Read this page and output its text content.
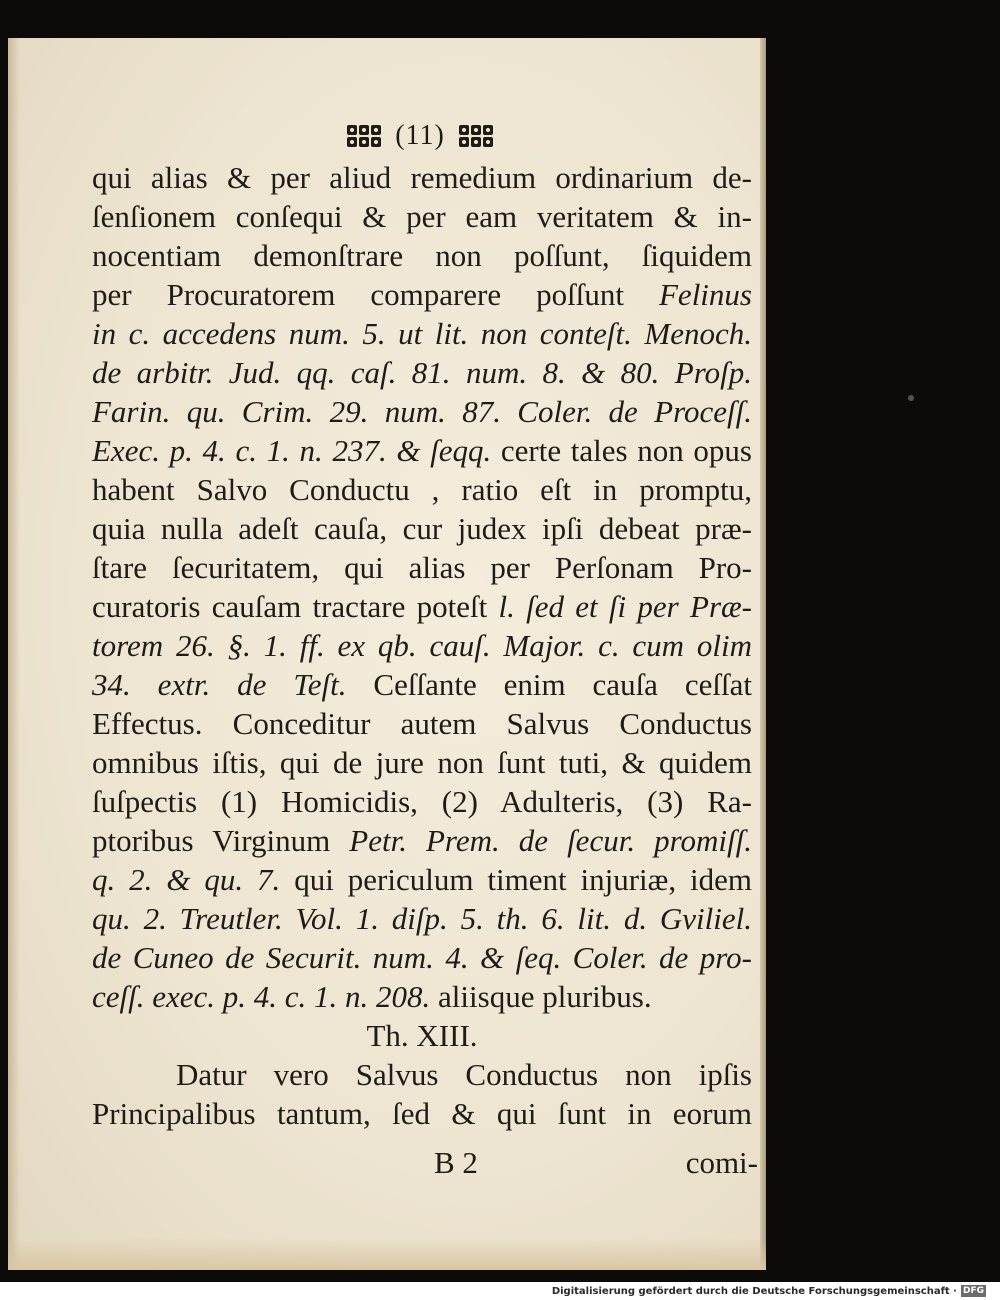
(11)
qui alias & per aliud remedium ordinarium de-
ſenſionem conſequi & per eam veritatem & in-
nocentiam demonſtrare non poſſunt, ſiquidem
per Procuratorem comparere poſſunt Felinus
in c. accedens num. 5. ut lit. non conteſt. Menoch.
de arbitr. Jud. qq. caſ. 81. num. 8. & 80. Proſp.
Farin. qu. Crim. 29. num. 87. Coler. de Proceſſ.
Exec. p. 4. c. 1. n. 237. & ſeqq. certe tales non opus
habent Salvo Conductu , ratio eſt in promptu,
quia nulla adeſt cauſa, cur judex ipſi debeat præ-
ſtare ſecuritatem, qui alias per Perſonam Pro-
curatoris cauſam tractare poteſt l. ſed et ſi per Præ-
torem 26. §. 1. ff. ex qb. cauſ. Major. c. cum olim
34. extr. de Teſt. Ceſſante enim cauſa ceſſat
Effectus. Conceditur autem Salvus Conductus
omnibus iſtis, qui de jure non ſunt tuti, & quidem
ſuſpectis (1) Homicidis, (2) Adulteris, (3) Ra-
ptoribus Virginum Petr. Prem. de ſecur. promiſſ.
q. 2. & qu. 7. qui periculum timent injuriæ, idem
qu. 2. Treutler. Vol. 1. diſp. 5. th. 6. lit. d. Gviliel.
de Cuneo de Securit. num. 4. & ſeq. Coler. de pro-
ceſſ. exec. p. 4. c. 1. n. 208. aliisque pluribus.
Th. XIII.
Datur vero Salvus Conductus non ipſis
Principalibus tantum, ſed & qui ſunt in eorum
B 2	comi-
Digitalisierung gefördert durch die Deutsche Forschungsgemeinschaft · DFG
